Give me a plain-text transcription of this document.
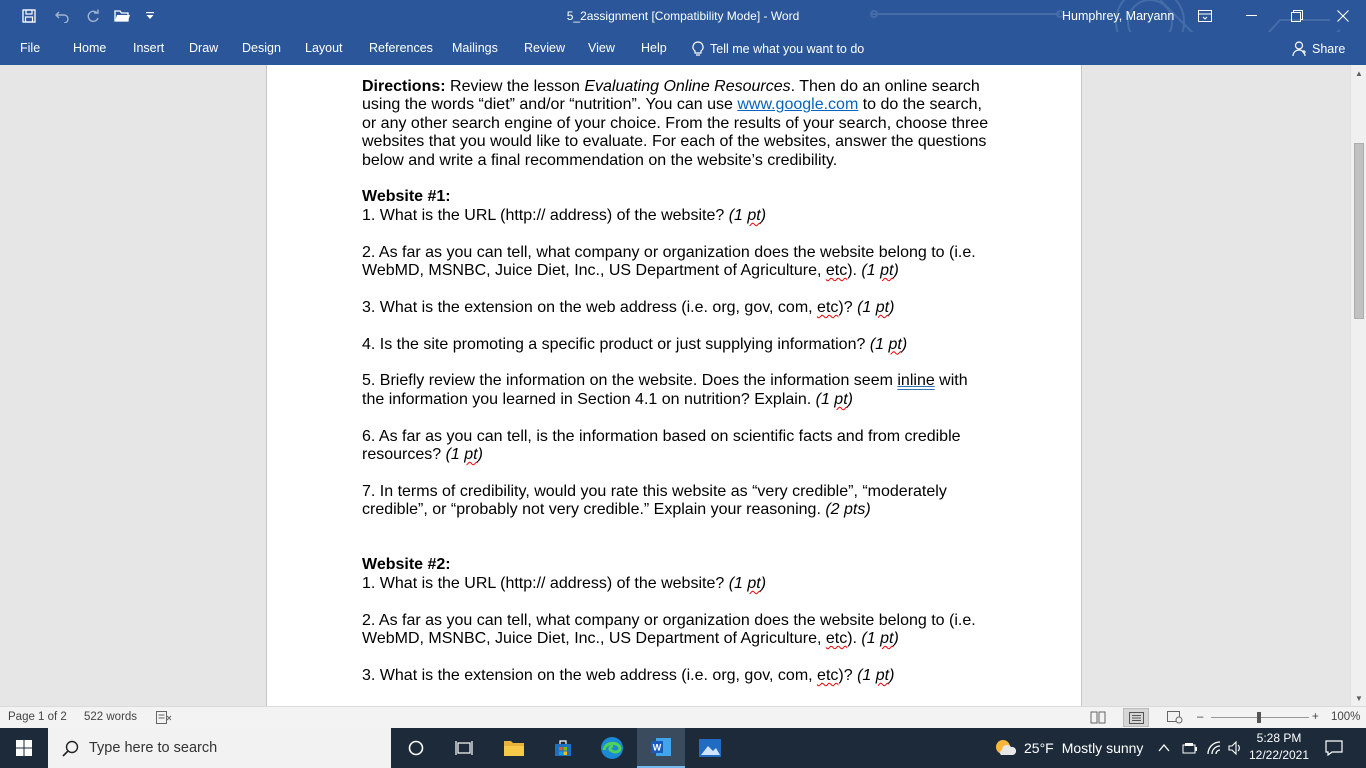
5_2assignment [Compatibility Mode] - Word	Humphrey, Maryann
File	Home Insert Draw Design Layout References Mailings Review View Help	Tell me what you want to do	Share
Directions: Review the lesson Evaluating Online Resources. Then do an online search using the words “diet” and/or “nutrition”. You can use www.google.com to do the search, or any other search engine of your choice. From the results of your search, choose three websites that you would like to evaluate. For each of the websites, answer the questions below and write a final recommendation on the website’s credibility.
Website #1:
1. What is the URL (http:// address) of the website? (1 pt)
2. As far as you can tell, what company or organization does the website belong to (i.e. WebMD, MSNBC, Juice Diet, Inc., US Department of Agriculture, etc). (1 pt)
3. What is the extension on the web address (i.e. org, gov, com, etc)? (1 pt)
4. Is the site promoting a specific product or just supplying information? (1 pt)
5. Briefly review the information on the website. Does the information seem inline with the information you learned in Section 4.1 on nutrition? Explain. (1 pt)
6. As far as you can tell, is the information based on scientific facts and from credible resources? (1 pt)
7. In terms of credibility, would you rate this website as “very credible”, “moderately credible”, or “probably not very credible.” Explain your reasoning. (2 pts)
Website #2:
1. What is the URL (http:// address) of the website? (1 pt)
2. As far as you can tell, what company or organization does the website belong to (i.e. WebMD, MSNBC, Juice Diet, Inc., US Department of Agriculture, etc). (1 pt)
3. What is the extension on the web address (i.e. org, gov, com, etc)? (1 pt)
▲
▼
Page 1 of 2 522 words	–	+ 100%
Type here to search	W	25°F Mostly sunny
5:28 PM
12/22/2021
